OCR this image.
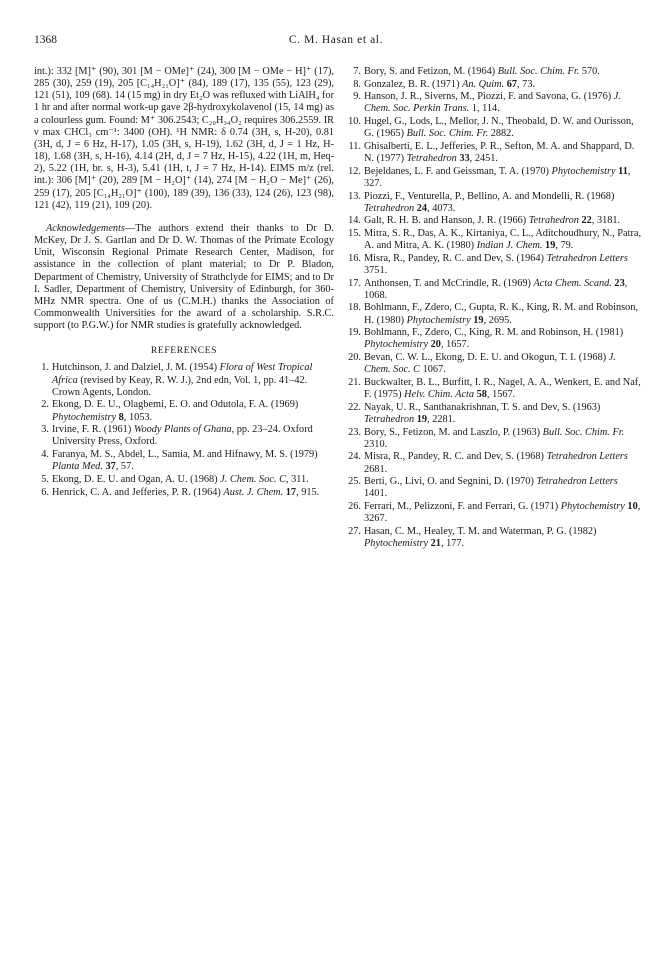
1368	C. M. Hasan et al.

int.): 332 [M]⁺ (90), 301 [M − OMe]⁺ (24), 300 [M − OMe − H]⁺ (17), 285 (30), 259 (19), 205 [C₁₄H₂₁O]⁺ (84), 189 (17), 135 (55), 123 (29), 121 (51), 109 (68). 14 (15 mg) in dry Et₂O was refluxed with LiAlH₄ for 1 hr and after normal work-up gave 2β-hydroxykolavenol (15, 14 mg) as a colourless gum. Found: M⁺ 306.2543; C₂₀H₃₄O₂ requires 306.2559. IR ν max CHCl₃ cm⁻¹: 3400 (OH). ¹H NMR: δ 0.74 (3H, s, H-20), 0.81 (3H, d, J = 6 Hz, H-17), 1.05 (3H, s, H-19), 1.62 (3H, d, J = 1 Hz, H-18), 1.68 (3H, s, H-16), 4.14 (2H, d, J = 7 Hz, H-15), 4.22 (1H, m, Heq-2), 5.22 (1H, br. s, H-3), 5.41 (1H, t, J = 7 Hz, H-14). EIMS m/z (rel. int.): 306 [M]⁺ (20), 289 [M − H₂O]⁺ (14), 274 [M − H₂O − Me]⁺ (26), 259 (17), 205 [C₁₄H₂₁O]⁺ (100), 189 (39), 136 (33), 124 (26), 123 (98), 121 (42), 119 (21), 109 (20).

Acknowledgements—The authors extend their thanks to Dr D. McKey, Dr J. S. Gartlan and Dr D. W. Thomas of the Primate Ecology Unit, Wisconsin Regional Primate Research Center, Madison, for assistance in the collection of plant material; to Dr P. Bladon, Department of Chemistry, University of Strathclyde for EIMS; and to Dr I. Sadler, Department of Chemistry, University of Edinburgh, for 360-MHz NMR spectra. One of us (C.M.H.) thanks the Association of Commonwealth Universities for the award of a scholarship. S.R.C. support (to P.G.W.) for NMR studies is gratefully acknowledged.

REFERENCES
1. Hutchinson, J. and Dalziel, J. M. (1954) Flora of West Tropical Africa (revised by Keay, R. W. J.), 2nd edn, Vol. 1, pp. 41–42. Crown Agents, London.
2. Ekong, D. E. U., Olagbemi, E. O. and Odutola, F. A. (1969) Phytochemistry 8, 1053.
3. Irvine, F. R. (1961) Woody Plants of Ghana, pp. 23–24. Oxford University Press, Oxford.
4. Faranya, M. S., Abdel, L., Samia, M. and Hifnawy, M. S. (1979) Planta Med. 37, 57.
5. Ekong, D. E. U. and Ogan, A. U. (1968) J. Chem. Soc. C, 311.
6. Henrick, C. A. and Jefferies, P. R. (1964) Aust. J. Chem. 17, 915.
7. Bory, S. and Fetizon, M. (1964) Bull. Soc. Chim. Fr. 570.
8. Gonzalez, B. R. (1971) An. Quim. 67, 73.
9. Hanson, J. R., Siverns, M., Piozzi, F. and Savona, G. (1976) J. Chem. Soc. Perkin Trans. 1, 114.
10. Hugel, G., Lods, L., Mellor, J. N., Theobald, D. W. and Ourisson, G. (1965) Bull. Soc. Chim. Fr. 2882.
11. Ghisalberti, E. L., Jefferies, P. R., Sefton, M. A. and Shappard, D. N. (1977) Tetrahedron 33, 2451.
12. Bejeldanes, L. F. and Geissman, T. A. (1970) Phytochemistry 11, 327.
13. Piozzi, F., Venturella, P., Bellino, A. and Mondelli, R. (1968) Tetrahedron 24, 4073.
14. Galt, R. H. B. and Hanson, J. R. (1966) Tetrahedron 22, 3181.
15. Mitra, S. R., Das, A. K., Kirtaniya, C. L., Aditchoudhury, N., Patra, A. and Mitra, A. K. (1980) Indian J. Chem. 19, 79.
16. Misra, R., Pandey, R. C. and Dev, S. (1964) Tetrahedron Letters 3751.
17. Anthonsen, T. and McCrindle, R. (1969) Acta Chem. Scand. 23, 1068.
18. Bohlmann, F., Zdero, C., Gupta, R. K., King, R. M. and Robinson, H. (1980) Phytochemistry 19, 2695.
19. Bohlmann, F., Zdero, C., King, R. M. and Robinson, H. (1981) Phytochemistry 20, 1657.
20. Bevan, C. W. L., Ekong, D. E. U. and Okogun, T. I. (1968) J. Chem. Soc. C 1067.
21. Buckwalter, B. L., Burfitt, I. R., Nagel, A. A., Wenkert, E. and Naf, F. (1975) Helv. Chim. Acta 58, 1567.
22. Nayak, U. R., Santhanakrishnan, T. S. and Dev, S. (1963) Tetrahedron 19, 2281.
23. Bory, S., Fetizon, M. and Laszlo, P. (1963) Bull. Soc. Chim. Fr. 2310.
24. Misra, R., Pandey, R. C. and Dev, S. (1968) Tetrahedron Letters 2681.
25. Berti, G., Livi, O. and Segnini, D. (1970) Tetrahedron Letters 1401.
26. Ferrari, M., Pelizzoni, F. and Ferrari, G. (1971) Phytochemistry 10, 3267.
27. Hasan, C. M., Healey, T. M. and Waterman, P. G. (1982) Phytochemistry 21, 177.
